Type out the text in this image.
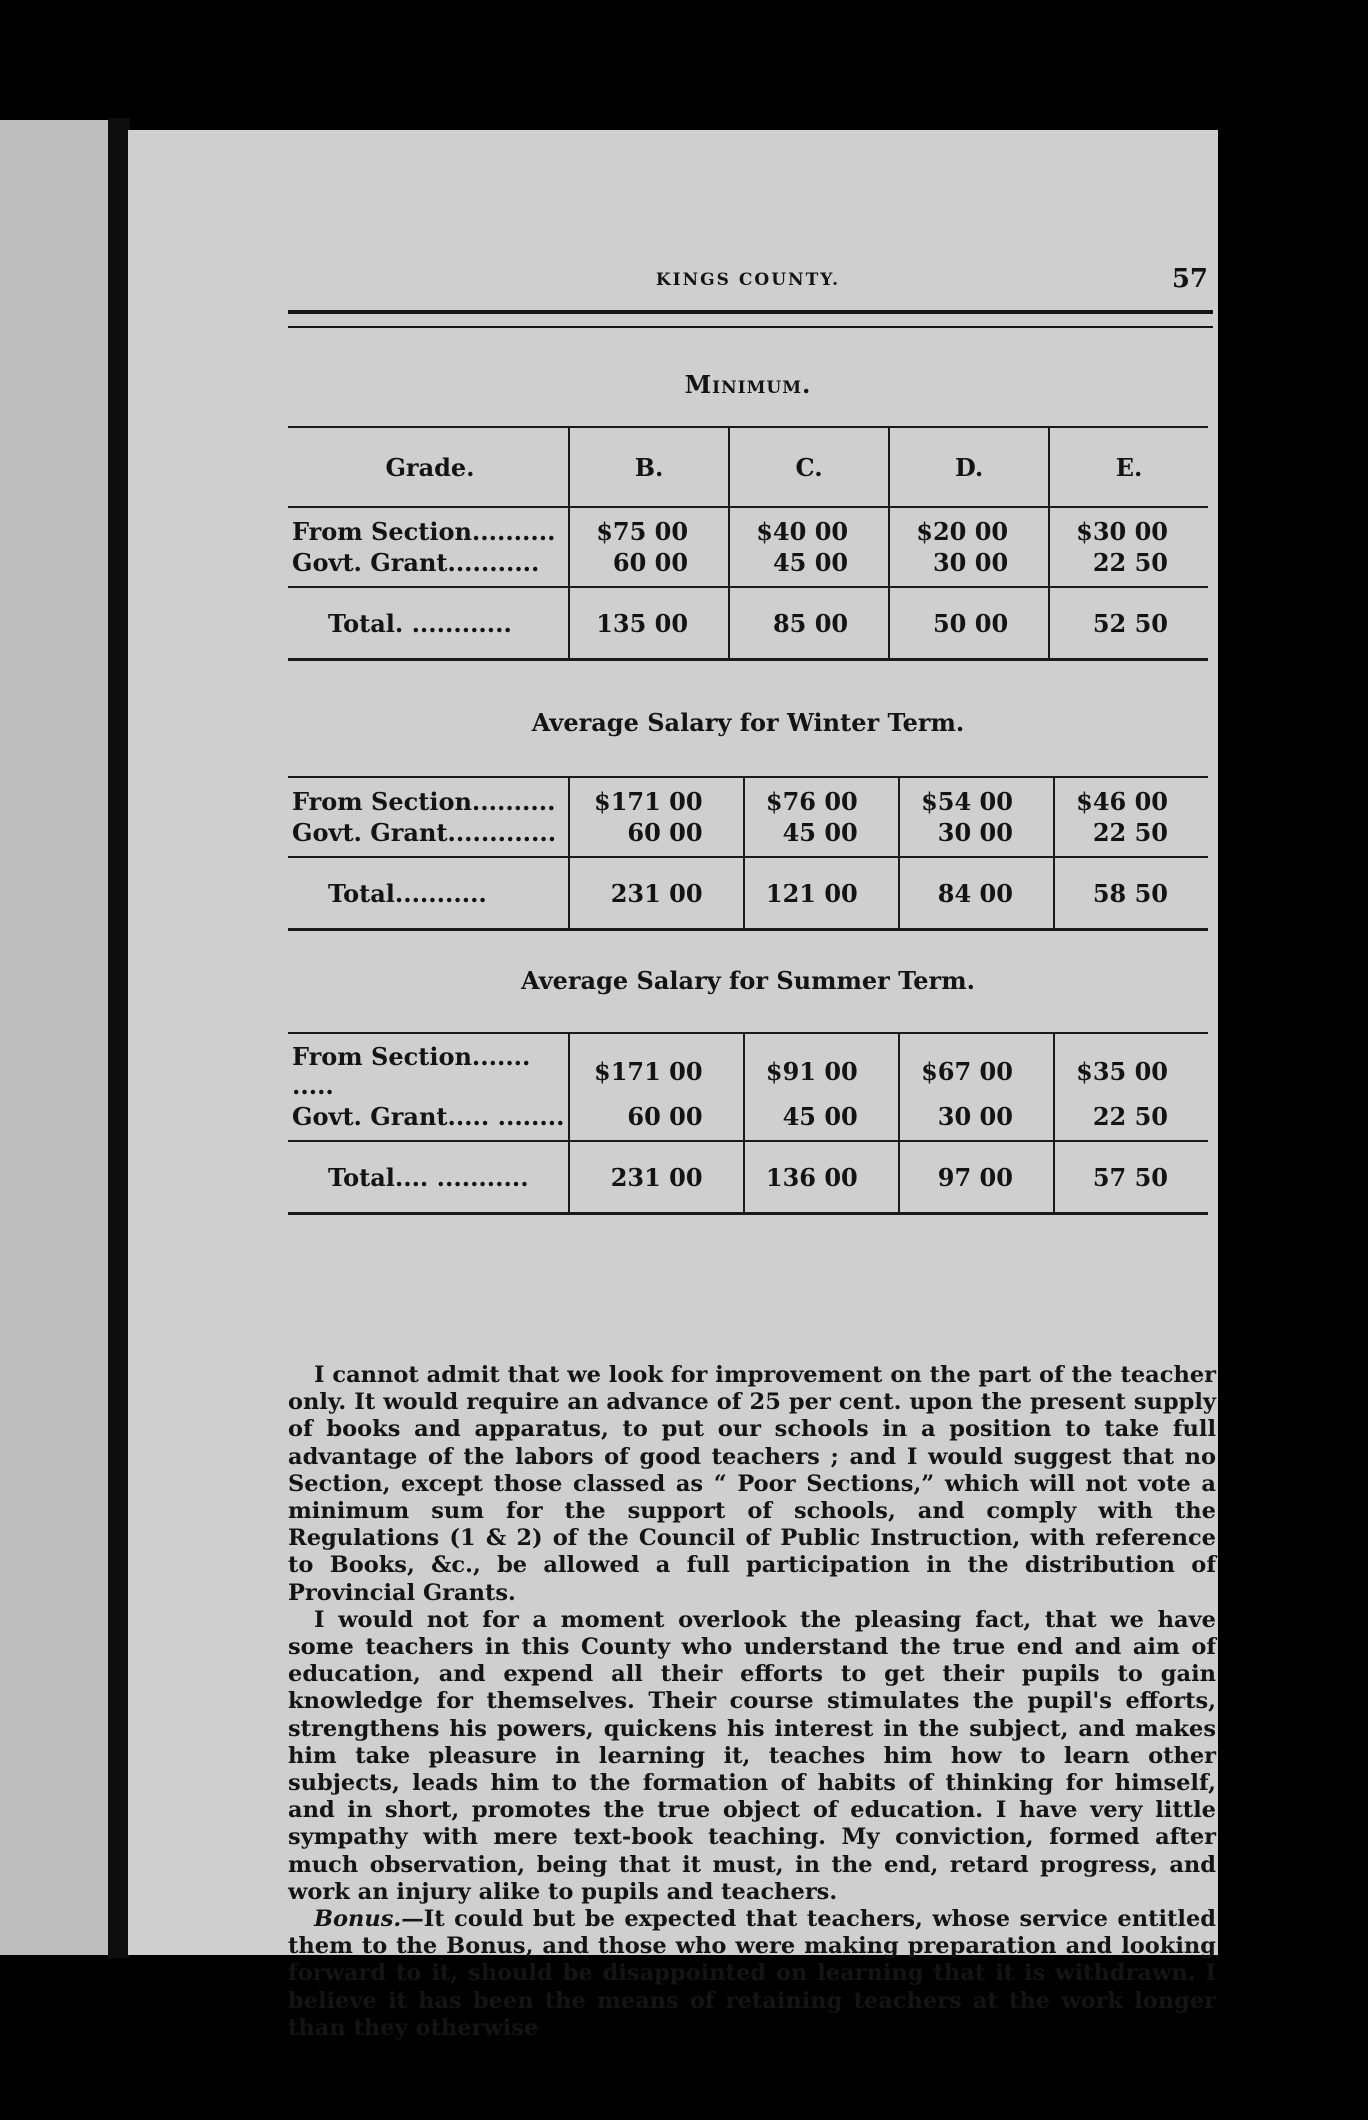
KINGS COUNTY.	57
Minimum.
Grade.	B.	C.	D.	E.
From Section..........	$75 00	$40 00	$20 00	$30 00
Govt. Grant...........	60 00	45 00	30 00	22 50
Total. ............	135 00	85 00	50 00	52 50
Average Salary for Winter Term.
From Section..........	$171 00	$76 00	$54 00	$46 00
Govt. Grant.............	60 00	45 00	30 00	22 50
Total...........	231 00	121 00	84 00	58 50
Average Salary for Summer Term.
From Section....... .....	$171 00	$91 00	$67 00	$35 00
Govt. Grant..... ........	60 00	45 00	30 00	22 50
Total.... ...........	231 00	136 00	97 00	57 50

I cannot admit that we look for improvement on the part of the teacher only. It would require an advance of 25 per cent. upon the present supply of books and apparatus, to put our schools in a position to take full advantage of the labors of good teachers ; and I would suggest that no Section, except those classed as “ Poor Sections,” which will not vote a minimum sum for the support of schools, and comply with the Regulations (1 & 2) of the Council of Public Instruction, with reference to Books, &c., be allowed a full participation in the distribution of Provincial Grants.

I would not for a moment overlook the pleasing fact, that we have some teachers in this County who understand the true end and aim of education, and expend all their efforts to get their pupils to gain knowledge for themselves. Their course stimulates the pupil's efforts, strengthens his powers, quickens his interest in the subject, and makes him take pleasure in learning it, teaches him how to learn other subjects, leads him to the formation of habits of thinking for himself, and in short, promotes the true object of education. I have very little sympathy with mere text-book teaching. My conviction, formed after much observation, being that it must, in the end, retard progress, and work an injury alike to pupils and teachers.

Bonus.—It could but be expected that teachers, whose service entitled them to the Bonus, and those who were making preparation and looking forward to it, should be disappointed on learning that it is withdrawn. I believe it has been the means of retaining teachers at the work longer than they otherwise
